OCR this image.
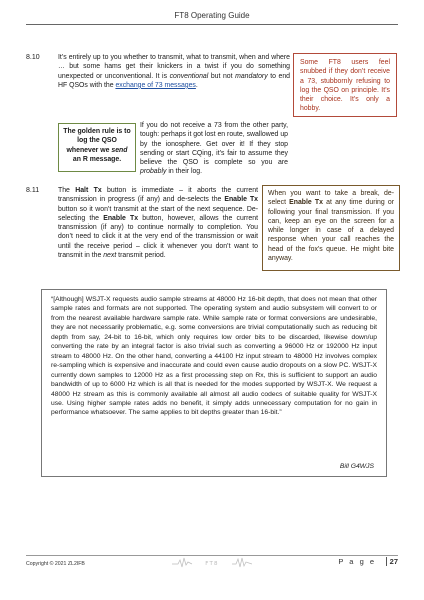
FT8 Operating Guide
8.10	It’s entirely up to you whether to transmit, what to transmit, when and where … but some hams get their knickers in a twist if you do something unexpected or unconventional. It is conventional but not mandatory to end HF QSOs with the exchange of 73 messages.
Some FT8 users feel snubbed if they don’t receive a 73, stubbornly refusing to log the QSO on principle. It’s their choice. It’s only a hobby.
The golden rule is to log the QSO whenever we send an R message.
If you do not receive a 73 from the other party, tough: perhaps it got lost en route, swallowed up by the ionosphere. Get over it! If they stop sending or start CQing, it’s fair to assume they believe the QSO is complete so you are probably in their log.
8.11	The Halt Tx button is immediate – it aborts the current transmission in progress (if any) and de-selects the Enable Tx button so it won’t transmit at the start of the next sequence. De-selecting the Enable Tx button, however, allows the current transmission (if any) to continue normally to completion. You don’t need to click it at the very end of the transmission or wait until the receive period – click it whenever you don’t want to transmit in the next transmit period.
When you want to take a break, de-select Enable Tx at any time during or following your final transmission. If you can, keep an eye on the screen for a while longer in case of a delayed response when your call reaches the head of the fox’s queue. He might bite anyway.
“[Although] WSJT-X requests audio sample streams at 48000 Hz 16-bit depth, that does not mean that other sample rates and formats are not supported. The operating system and audio subsystem will convert to or from the nearest available hardware sample rate. While sample rate or format conversions are undesirable, they are not necessarily problematic, e.g. some conversions are trivial computationally such as reducing bit depth from say, 24-bit to 16-bit, which only requires low order bits to be discarded, likewise down/up converting the rate by an integral factor is also trivial such as converting a 96000 Hz or 192000 Hz input stream to 48000 Hz. On the other hand, converting a 44100 Hz input stream to 48000 Hz involves complex re-sampling which is expensive and inaccurate and could even cause audio dropouts on a slow PC. WSJT-X currently down samples to 12000 Hz as a first processing step on Rx, this is sufficient to support an audio bandwidth of up to 6000 Hz which is all that is needed for the modes supported by WSJT-X. We request a 48000 Hz stream as this is commonly available all almost all audio codecs of suitable quality for WSJT-X use. Using higher sample rates adds no benefit, it simply adds unnecessary computation for no gain in performance whatsoever. The same applies to bit depths greater than 16-bit.”
Bill G4WJS
Copyright © 2021 ZL2IFB	FT8	P a g e	27
